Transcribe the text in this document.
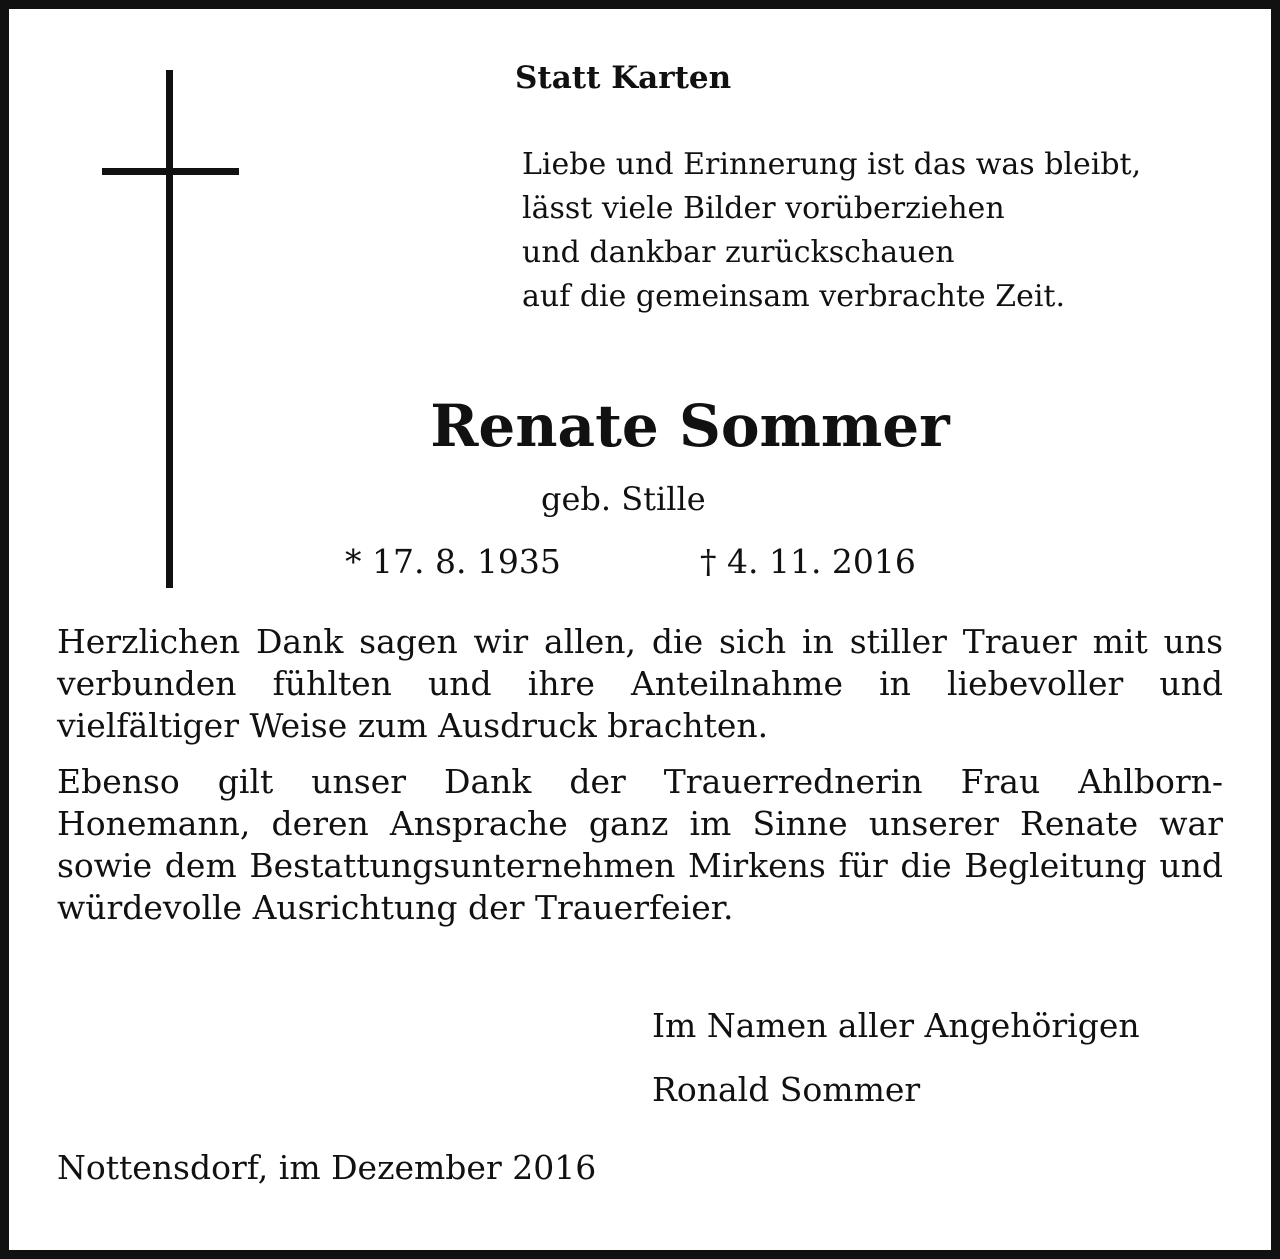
Statt Karten
Liebe und Erinnerung ist das was bleibt,
lässt viele Bilder vorüberziehen
und dankbar zurückschauen
auf die gemeinsam verbrachte Zeit.
Renate Sommer
geb. Stille
* 17. 8. 1935	† 4. 11. 2016

Herzlichen Dank sagen wir allen, die sich in stiller Trauer mit uns verbunden fühlten und ihre Anteilnahme in liebevoller und vielfältiger Weise zum Ausdruck brachten.

Ebenso gilt unser Dank der Trauerrednerin Frau Ahlborn-Honemann, deren Ansprache ganz im Sinne unserer Renate war sowie dem Bestattungsunternehmen Mirkens für die Begleitung und würdevolle Ausrichtung der Trauerfeier.

Im Namen aller Angehörigen
Ronald Sommer
Nottensdorf, im Dezember 2016
